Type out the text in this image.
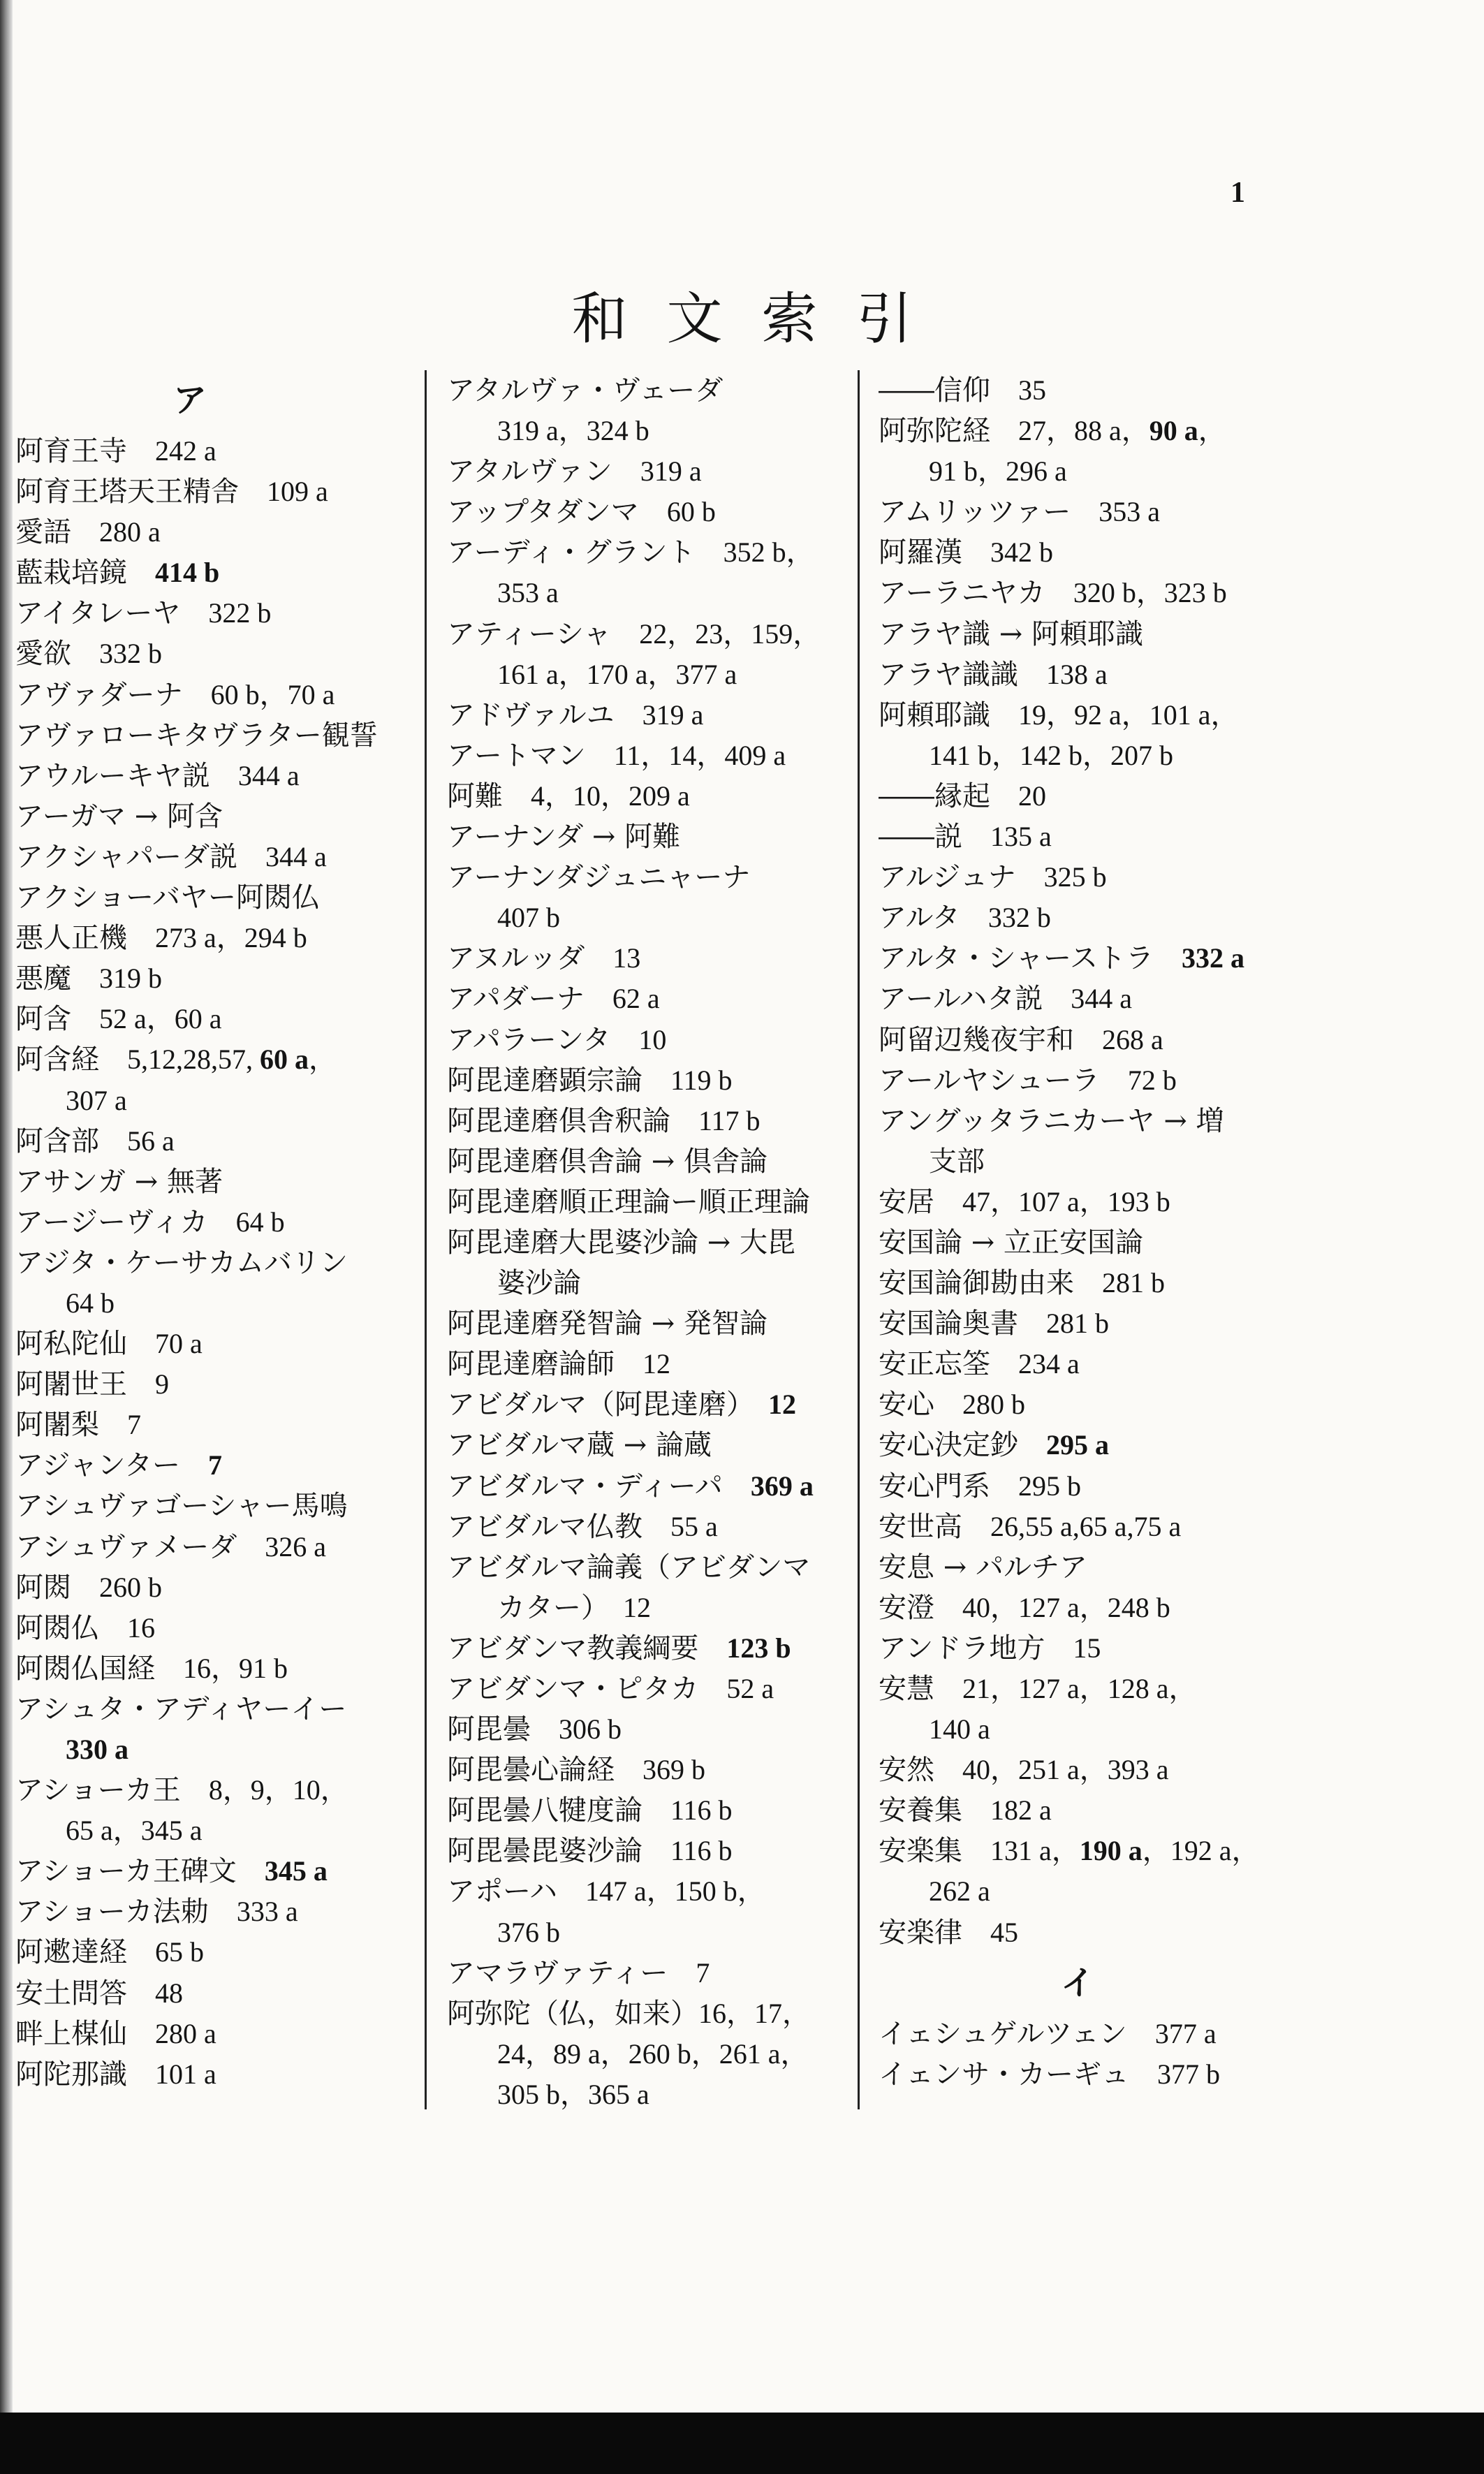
1
和文索引
ア
阿育王寺　242 a
阿育王塔天王精舎　109 a
愛語　280 a
藍栽培鏡　414 b
アイタレーヤ　322 b
愛欲　332 b
アヴァダーナ　60 b，70 a
アヴァローキタヴラター観誓
アウルーキヤ説　344 a
アーガマ → 阿含
アクシャパーダ説　344 a
アクショーバヤー阿閦仏
悪人正機　273 a，294 b
悪魔　319 b
阿含　52 a，60 a
阿含経　5,12,28,57, 60 a，
307 a
阿含部　56 a
アサンガ → 無著
アージーヴィカ　64 b
アジタ・ケーサカムバリン
64 b
阿私陀仙　70 a
阿闍世王　9
阿闍梨　7
アジャンター　7
アシュヴァゴーシャー馬鳴
アシュヴァメーダ　326 a
阿閦　260 b
阿閦仏　16
阿閦仏国経　16，91 b
アシュタ・アディヤーイー
330 a
アショーカ王　8，9，10，
65 a，345 a
アショーカ王碑文　345 a
アショーカ法勅　333 a
阿遬達経　65 b
安土問答　48
畔上楳仙　280 a
阿陀那識　101 a
アタルヴァ・ヴェーダ
319 a，324 b
アタルヴァン　319 a
アップタダンマ　60 b
アーディ・グラント　352 b，
353 a
アティーシャ　22，23，159，
161 a，170 a，377 a
アドヴァルユ　319 a
アートマン　11，14，409 a
阿難　4，10，209 a
アーナンダ → 阿難
アーナンダジュニャーナ
407 b
アヌルッダ　13
アパダーナ　62 a
アパラーンタ　10
阿毘達磨顕宗論　119 b
阿毘達磨倶舎釈論　117 b
阿毘達磨倶舎論 → 倶舎論
阿毘達磨順正理論ー順正理論
阿毘達磨大毘婆沙論 → 大毘
婆沙論
阿毘達磨発智論 → 発智論
阿毘達磨論師　12
アビダルマ（阿毘達磨）　12
アビダルマ蔵 → 論蔵
アビダルマ・ディーパ　369 a
アビダルマ仏教　55 a
アビダルマ論義（アビダンマ
カター）　12
アビダンマ教義綱要　123 b
アビダンマ・ピタカ　52 a
阿毘曇　306 b
阿毘曇心論経　369 b
阿毘曇八犍度論　116 b
阿毘曇毘婆沙論　116 b
アポーハ　147 a，150 b，
376 b
アマラヴァティー　7
阿弥陀（仏，如来）16，17，
24，89 a，260 b，261 a，
305 b，365 a
――信仰　35
阿弥陀経　27，88 a，90 a，
91 b，296 a
アムリッツァー　353 a
阿羅漢　342 b
アーラニヤカ　320 b，323 b
アラヤ識 → 阿頼耶識
アラヤ識識　138 a
阿頼耶識　19，92 a，101 a，
141 b，142 b，207 b
――縁起　20
――説　135 a
アルジュナ　325 b
アルタ　332 b
アルタ・シャーストラ　332 a
アールハタ説　344 a
阿留辺幾夜宇和　268 a
アールヤシューラ　72 b
アングッタラニカーヤ → 増
支部
安居　47，107 a，193 b
安国論 → 立正安国論
安国論御勘由来　281 b
安国論奥書　281 b
安正忘筌　234 a
安心　280 b
安心決定鈔　295 a
安心門系　295 b
安世高　26,55 a,65 a,75 a
安息 → パルチア
安澄　40，127 a，248 b
アンドラ地方　15
安慧　21，127 a，128 a，
140 a
安然　40，251 a，393 a
安養集　182 a
安楽集　131 a，190 a，192 a，
262 a
安楽律　45
イ
イェシュゲルツェン　377 a
イェンサ・カーギュ　377 b
